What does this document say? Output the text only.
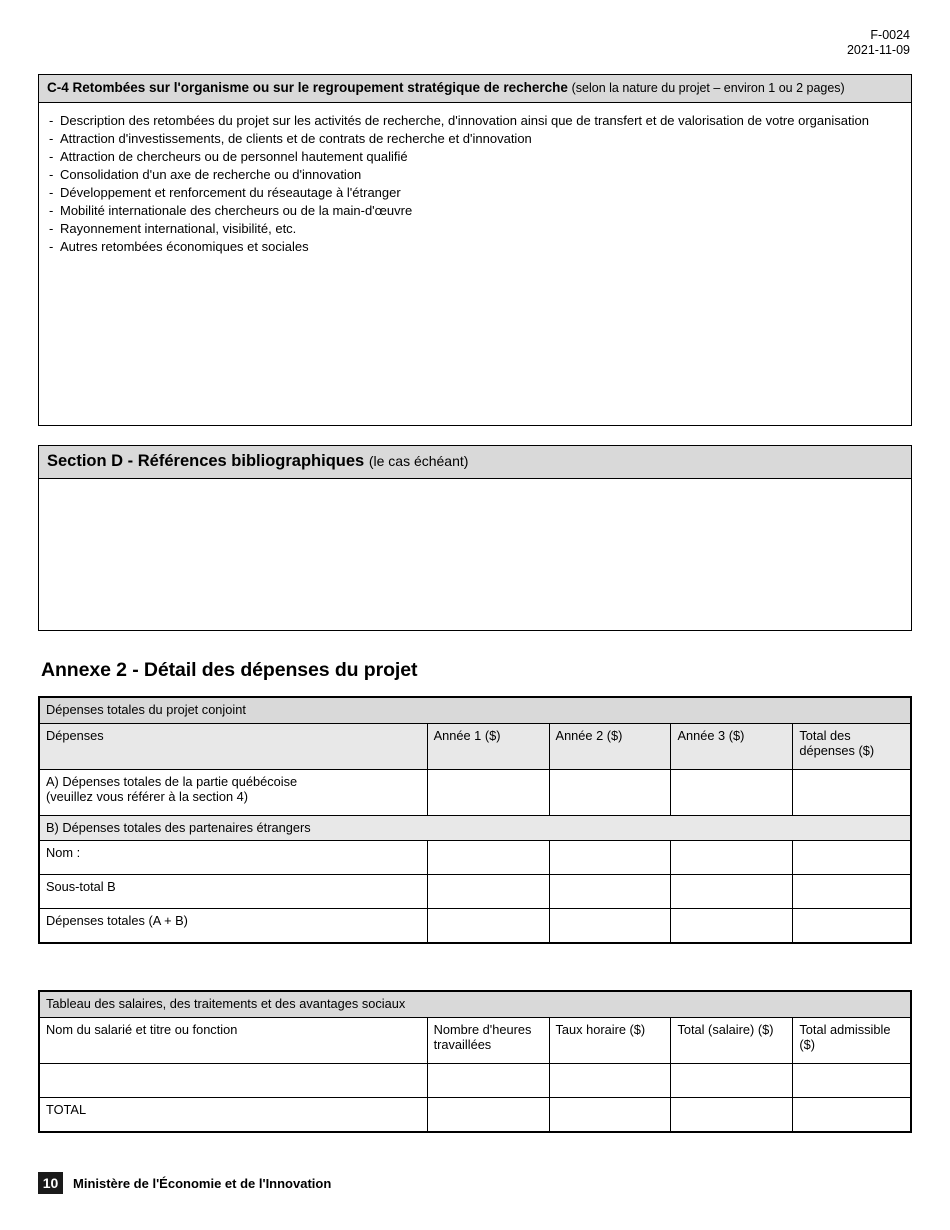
F-0024
2021-11-09
C-4 Retombées sur l'organisme ou sur le regroupement stratégique de recherche (selon la nature du projet – environ 1 ou 2 pages)
- Description des retombées du projet sur les activités de recherche, d'innovation ainsi que de transfert et de valorisation de votre organisation
- Attraction d'investissements, de clients et de contrats de recherche et d'innovation
- Attraction de chercheurs ou de personnel hautement qualifié
- Consolidation d'un axe de recherche ou d'innovation
- Développement et renforcement du réseautage à l'étranger
- Mobilité internationale des chercheurs ou de la main-d'œuvre
- Rayonnement international, visibilité, etc.
- Autres retombées économiques et sociales
Section D - Références bibliographiques (le cas échéant)
Annexe 2 - Détail des dépenses du projet
Dépenses totales du projet conjoint				
Dépenses	Année 1 ($)	Année 2 ($)	Année 3 ($)	Total des dépenses ($)
A) Dépenses totales de la partie québécoise
(veuillez vous référer à la section 4)				
B) Dépenses totales des partenaires étrangers				
Nom :				
Sous-total B				
Dépenses totales (A + B)				
Tableau des salaires, des traitements et des avantages sociaux				
Nom du salarié et titre ou fonction	Nombre d'heures travaillées	Taux horaire ($)	Total (salaire) ($)	Total admissible ($)

TOTAL				
10	Ministère de l'Économie et de l'Innovation
